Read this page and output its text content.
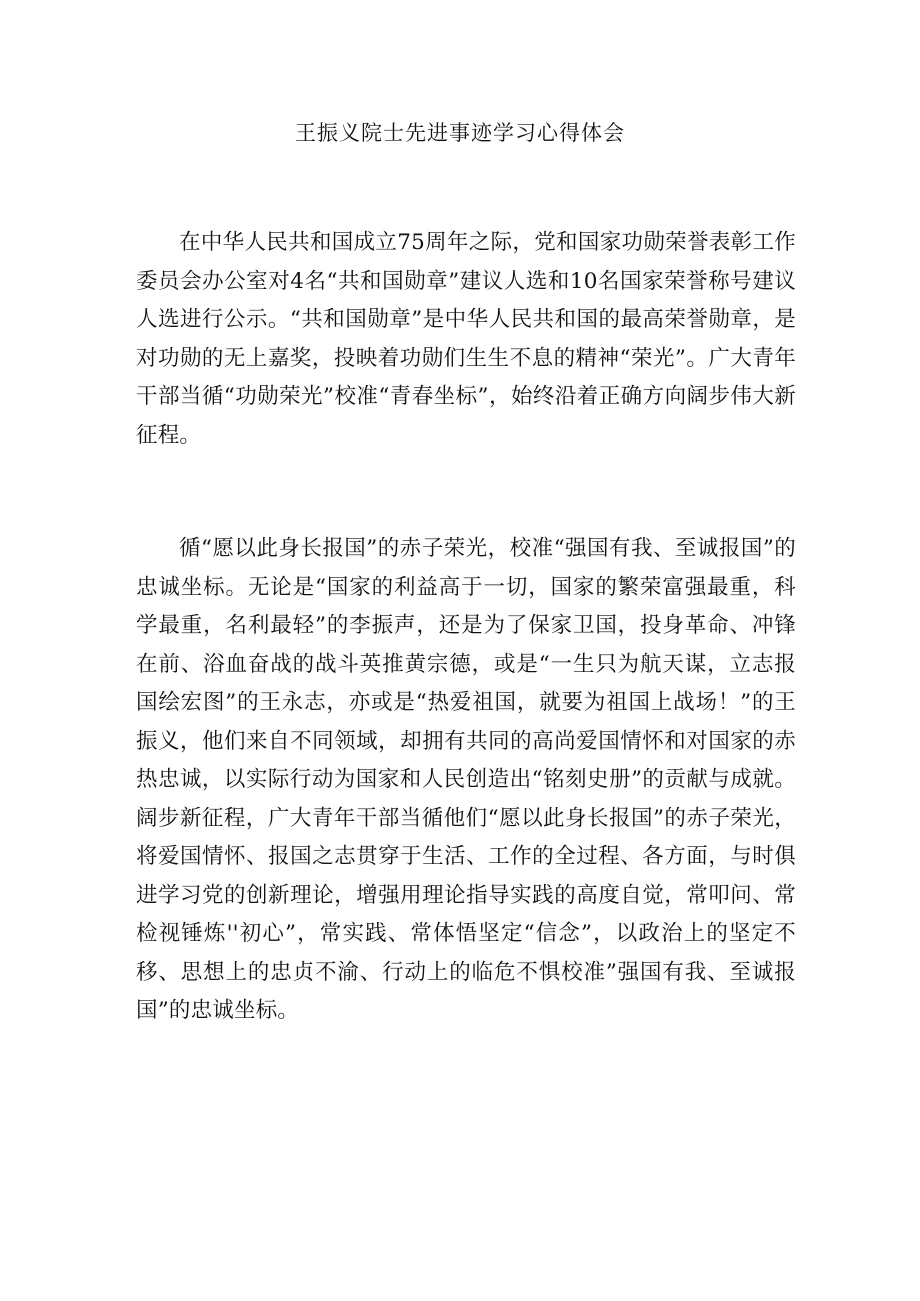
王振义院士先进事迹学习心得体会

在中华人民共和国成立75周年之际，党和国家功勋荣誉表彰工作委员会办公室对4名“共和国勋章”建议人选和10名国家荣誉称号建议人选进行公示。“共和国勋章”是中华人民共和国的最高荣誉勋章，是对功勋的无上嘉奖，投映着功勋们生生不息的精神“荣光”。广大青年干部当循“功勋荣光”校准“青春坐标”，始终沿着正确方向阔步伟大新征程。

循“愿以此身长报国”的赤子荣光，校准“强国有我、至诚报国”的忠诚坐标。无论是“国家的利益高于一切，国家的繁荣富强最重，科学最重，名利最轻”的李振声，还是为了保家卫国，投身革命、冲锋在前、浴血奋战的战斗英推黄宗德，或是“一生只为航天谋，立志报国绘宏图”的王永志，亦或是“热爱祖国，就要为祖国上战场！”的王振义，他们来自不同领域，却拥有共同的高尚爱国情怀和对国家的赤热忠诚，以实际行动为国家和人民创造出“铭刻史册”的贡献与成就。阔步新征程，广大青年干部当循他们“愿以此身长报国”的赤子荣光，将爱国情怀、报国之志贯穿于生活、工作的全过程、各方面，与时俱进学习党的创新理论，增强用理论指导实践的高度自觉，常叩问、常检视锤炼''初心”，常实践、常体悟坚定“信念”，以政治上的坚定不移、思想上的忠贞不渝、行动上的临危不惧校准”强国有我、至诚报国”的忠诚坐标。
